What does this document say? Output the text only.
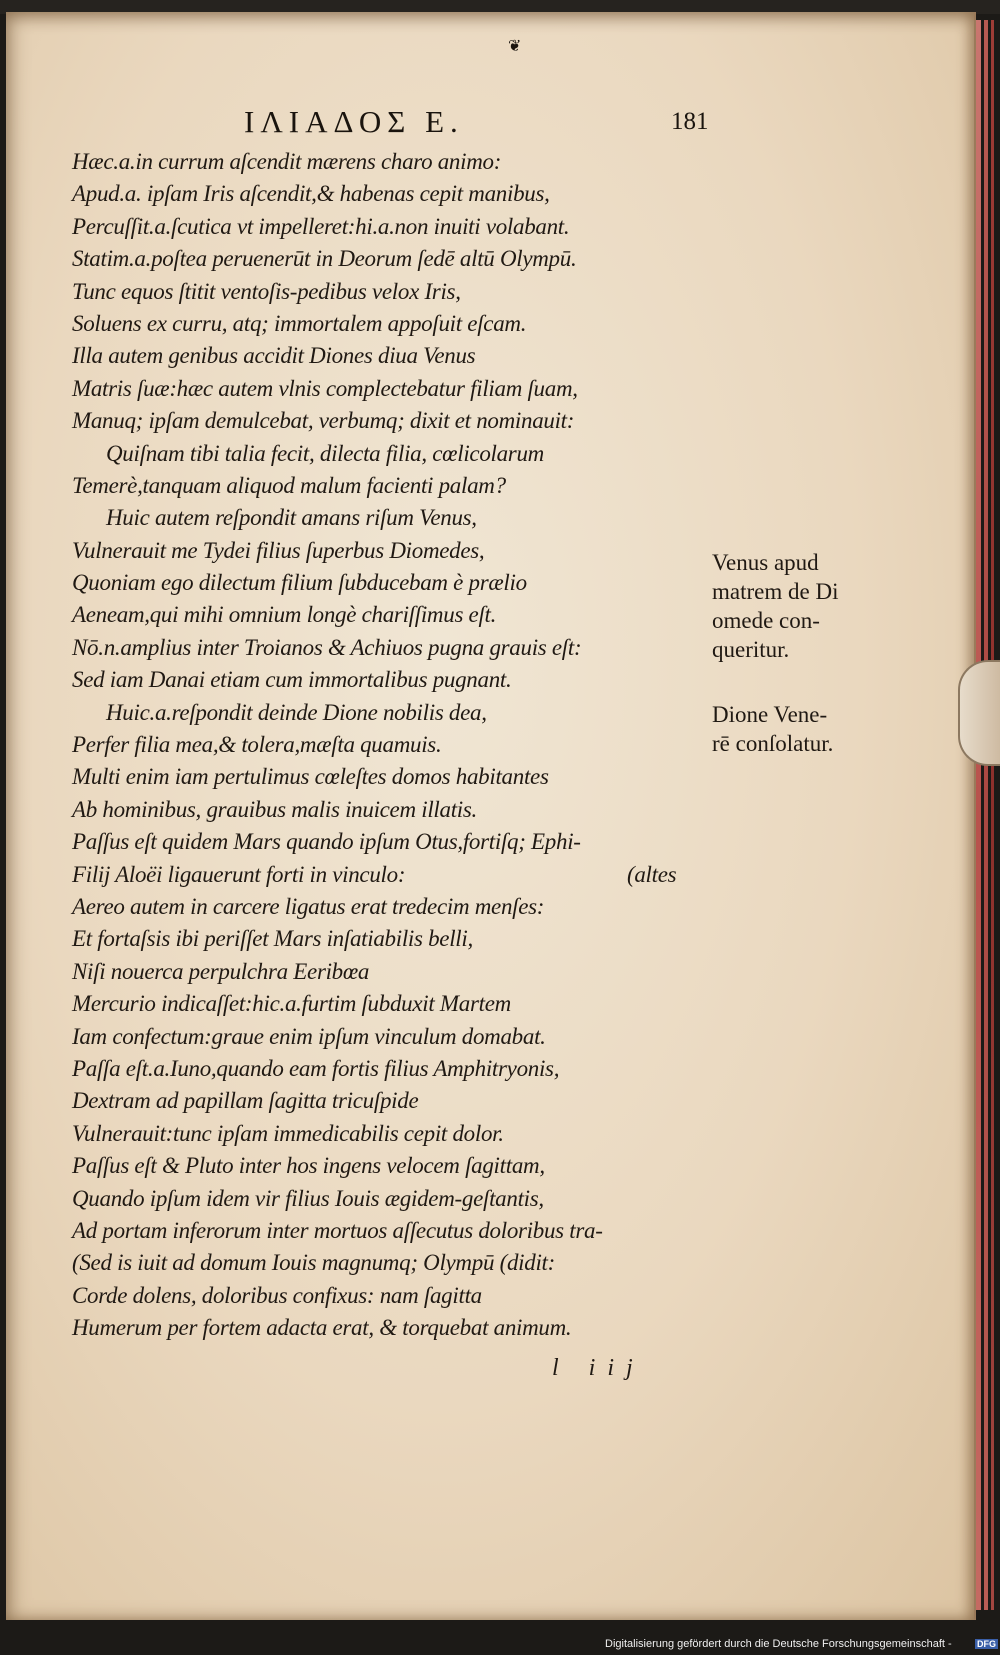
❦
ΙΛΙΑΔΟΣ Ε.	181
Hæc.a.in currum aſcendit mærens charo animo:
Apud.a. ipſam Iris aſcendit,& habenas cepit manibus,
Percuſſit.a.ſcutica vt impelleret:hi.a.non inuiti volabant.
Statim.a.poſtea peruenerūt in Deorum ſedē altū Olympū.
Tunc equos ſtitit ventoſis-pedibus velox Iris,
Soluens ex curru, atq; immortalem appoſuit eſcam.
Illa autem genibus accidit Diones diua Venus
Matris ſuæ:hæc autem vlnis complectebatur filiam ſuam,
Manuq; ipſam demulcebat, verbumq; dixit et nominauit:
Quiſnam tibi talia fecit, dilecta filia, cœlicolarum
Temerè,tanquam aliquod malum facienti palam?
Huic autem reſpondit amans riſum Venus,
Vulnerauit me Tydei filius ſuperbus Diomedes,
Quoniam ego dilectum filium ſubducebam è prælio
Aeneam,qui mihi omnium longè chariſſimus eſt.
Nō.n.amplius inter Troianos & Achiuos pugna grauis eſt:
Sed iam Danai etiam cum immortalibus pugnant.
Huic.a.reſpondit deinde Dione nobilis dea,
Perfer filia mea,& tolera,mæſta quamuis.
Multi enim iam pertulimus cœleſtes domos habitantes
Ab hominibus, grauibus malis inuicem illatis.
Paſſus eſt quidem Mars quando ipſum Otus,fortiſq; Ephi-
Filij Aloëi ligauerunt forti in vinculo:	(altes
Aereo autem in carcere ligatus erat tredecim menſes:
Et fortaſsis ibi periſſet Mars inſatiabilis belli,
Niſi nouerca perpulchra Eeribœa
Mercurio indicaſſet:hic.a.furtim ſubduxit Martem
Iam confectum:graue enim ipſum vinculum domabat.
Paſſa eſt.a.Iuno,quando eam fortis filius Amphitryonis,
Dextram ad papillam ſagitta tricuſpide
Vulnerauit:tunc ipſam immedicabilis cepit dolor.
Paſſus eſt & Pluto inter hos ingens velocem ſagittam,
Quando ipſum idem vir filius Iouis ægidem-geſtantis,
Ad portam inferorum inter mortuos aſſecutus doloribus tra-
(Sed is iuit ad domum Iouis magnumq; Olympū (didit:
Corde dolens, doloribus confixus: nam ſagitta
Humerum per fortem adacta erat, & torquebat animum.
l iij
Venus apud
matrem de Di
omede con-
queritur.
Dione Vene-
rē conſolatur.
Digitalisierung gefördert durch die Deutsche Forschungsgemeinschaft -	DFG
